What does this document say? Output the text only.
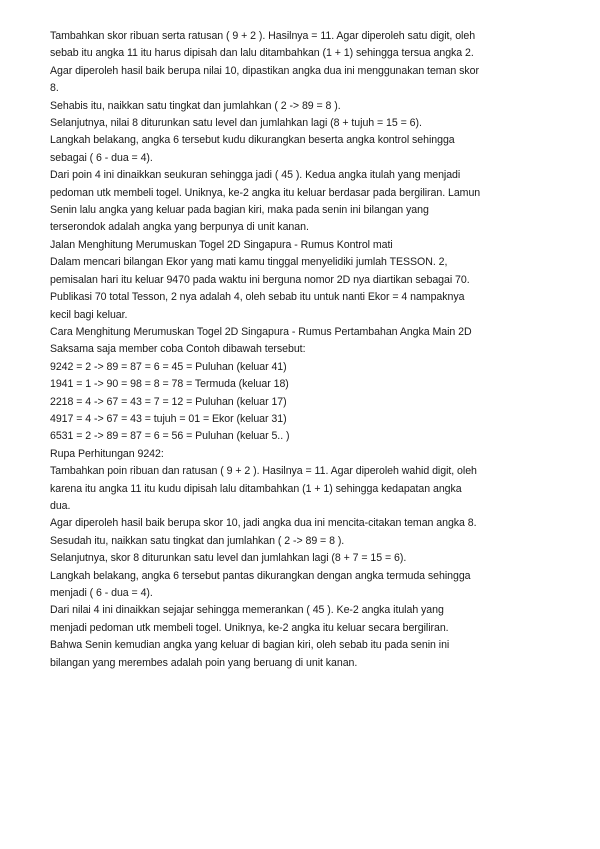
Tambahkan skor ribuan serta ratusan ( 9 + 2 ). Hasilnya = 11. Agar diperoleh satu digit, oleh
sebab itu angka 11 itu harus dipisah dan lalu ditambahkan (1 + 1) sehingga tersua angka 2.
Agar diperoleh hasil baik berupa nilai 10, dipastikan angka dua ini menggunakan teman skor
8.
Sehabis itu, naikkan satu tingkat dan jumlahkan ( 2 -> 89 = 8 ).
Selanjutnya, nilai 8 diturunkan satu level dan jumlahkan lagi (8 + tujuh = 15 = 6).
Langkah belakang, angka 6 tersebut kudu dikurangkan beserta angka kontrol sehingga
sebagai ( 6 - dua = 4).
Dari poin 4 ini dinaikkan seukuran sehingga jadi ( 45 ). Kedua angka itulah yang menjadi
pedoman utk membeli togel. Uniknya, ke-2 angka itu keluar berdasar pada bergiliran. Lamun
Senin lalu angka yang keluar pada bagian kiri, maka pada senin ini bilangan yang
terserondok adalah angka yang berpunya di unit kanan.
Jalan Menghitung Merumuskan Togel 2D Singapura - Rumus Kontrol mati
Dalam mencari bilangan Ekor yang mati kamu tinggal menyelidiki jumlah TESSON. 2,
pemisalan hari itu keluar 9470 pada waktu ini berguna nomor 2D nya diartikan sebagai 70.
Publikasi 70 total Tesson, 2 nya adalah 4, oleh sebab itu untuk nanti Ekor = 4 nampaknya
kecil bagi keluar.
Cara Menghitung Merumuskan Togel 2D Singapura - Rumus Pertambahan Angka Main 2D
Saksama saja member coba Contoh dibawah tersebut:
9242 = 2 -> 89 = 87 = 6 = 45 = Puluhan (keluar 41)
1941 = 1 -> 90 = 98 = 8 = 78 = Termuda (keluar 18)
2218 = 4 -> 67 = 43 = 7 = 12 = Puluhan (keluar 17)
4917 = 4 -> 67 = 43 = tujuh = 01 = Ekor (keluar 31)
6531 = 2 -> 89 = 87 = 6 = 56 = Puluhan (keluar 5.. )
Rupa Perhitungan 9242:
Tambahkan poin ribuan dan ratusan ( 9 + 2 ). Hasilnya = 11. Agar diperoleh wahid digit, oleh
karena itu angka 11 itu kudu dipisah lalu ditambahkan (1 + 1) sehingga kedapatan angka
dua.
Agar diperoleh hasil baik berupa skor 10, jadi angka dua ini mencita-citakan teman angka 8.
Sesudah itu, naikkan satu tingkat dan jumlahkan ( 2 -> 89 = 8 ).
Selanjutnya, skor 8 diturunkan satu level dan jumlahkan lagi (8 + 7 = 15 = 6).
Langkah belakang, angka 6 tersebut pantas dikurangkan dengan angka termuda sehingga
menjadi ( 6 - dua = 4).
Dari nilai 4 ini dinaikkan sejajar sehingga memerankan ( 45 ). Ke-2 angka itulah yang
menjadi pedoman utk membeli togel. Uniknya, ke-2 angka itu keluar secara bergiliran.
Bahwa Senin kemudian angka yang keluar di bagian kiri, oleh sebab itu pada senin ini
bilangan yang merembes adalah poin yang beruang di unit kanan.
